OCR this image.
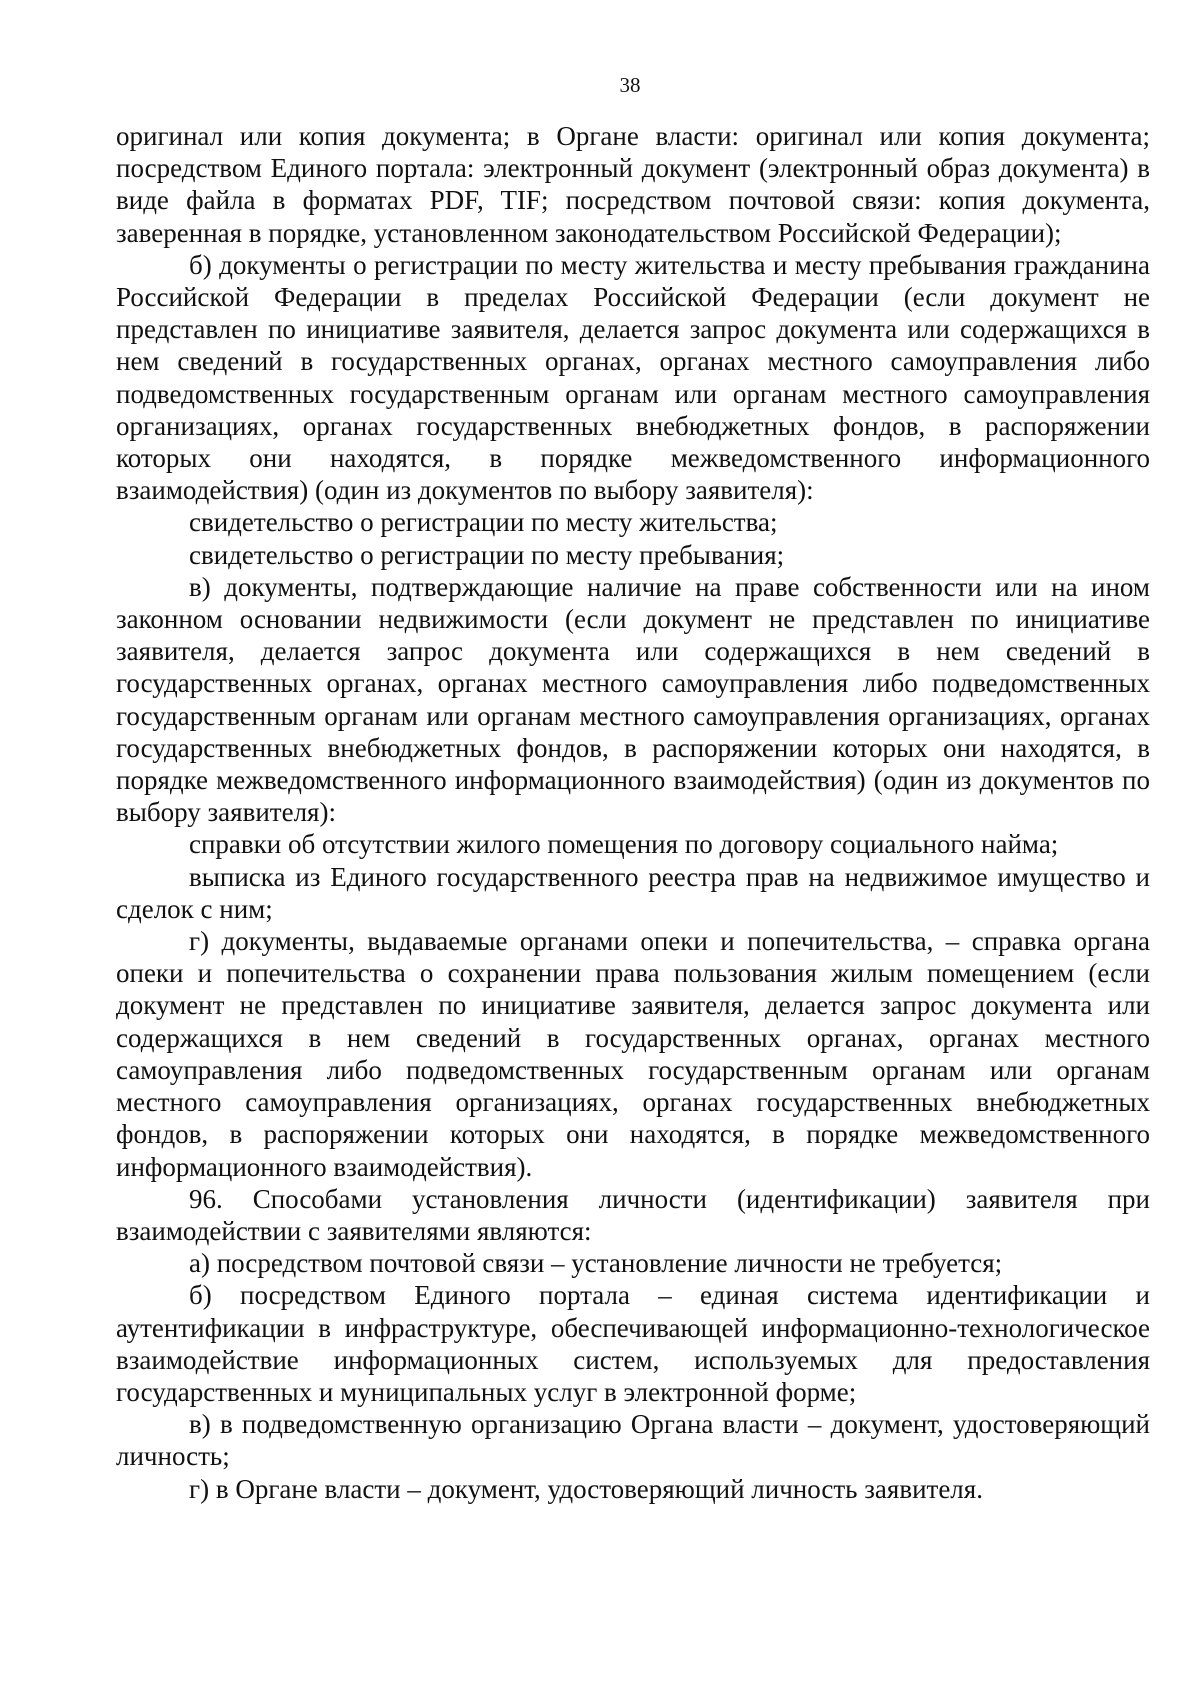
38

оригинал или копия документа; в Органе власти: оригинал или копия документа; посредством Единого портала: электронный документ (электронный образ документа) в виде файла в форматах PDF, TIF; посредством почтовой связи: копия документа, заверенная в порядке, установленном законодательством Российской Федерации);

б) документы о регистрации по месту жительства и месту пребывания гражданина Российской Федерации в пределах Российской Федерации (если документ не представлен по инициативе заявителя, делается запрос документа или содержащихся в нем сведений в государственных органах, органах местного самоуправления либо подведомственных государственным органам или органам местного самоуправления организациях, органах государственных внебюджетных фондов, в распоряжении которых они находятся, в порядке межведомственного информационного взаимодействия) (один из документов по выбору заявителя):

свидетельство о регистрации по месту жительства;

свидетельство о регистрации по месту пребывания;

в) документы, подтверждающие наличие на праве собственности или на ином законном основании недвижимости (если документ не представлен по инициативе заявителя, делается запрос документа или содержащихся в нем сведений в государственных органах, органах местного самоуправления либо подведомственных государственным органам или органам местного самоуправления организациях, органах государственных внебюджетных фондов, в распоряжении которых они находятся, в порядке межведомственного информационного взаимодействия) (один из документов по выбору заявителя):

справки об отсутствии жилого помещения по договору социального найма;

выписка из Единого государственного реестра прав на недвижимое имущество и сделок с ним;

г) документы, выдаваемые органами опеки и попечительства, – справка органа опеки и попечительства о сохранении права пользования жилым помещением (если документ не представлен по инициативе заявителя, делается запрос документа или содержащихся в нем сведений в государственных органах, органах местного самоуправления либо подведомственных государственным органам или органам местного самоуправления организациях, органах государственных внебюджетных фондов, в распоряжении которых они находятся, в порядке межведомственного информационного взаимодействия).

96. Способами установления личности (идентификации) заявителя при взаимодействии с заявителями являются:

а) посредством почтовой связи – установление личности не требуется;

б) посредством Единого портала – единая система идентификации и аутентификации в инфраструктуре, обеспечивающей информационно-технологическое взаимодействие информационных систем, используемых для предоставления государственных и муниципальных услуг в электронной форме;

в) в подведомственную организацию Органа власти – документ, удостоверяющий личность;

г) в Органе власти – документ, удостоверяющий личность заявителя.
